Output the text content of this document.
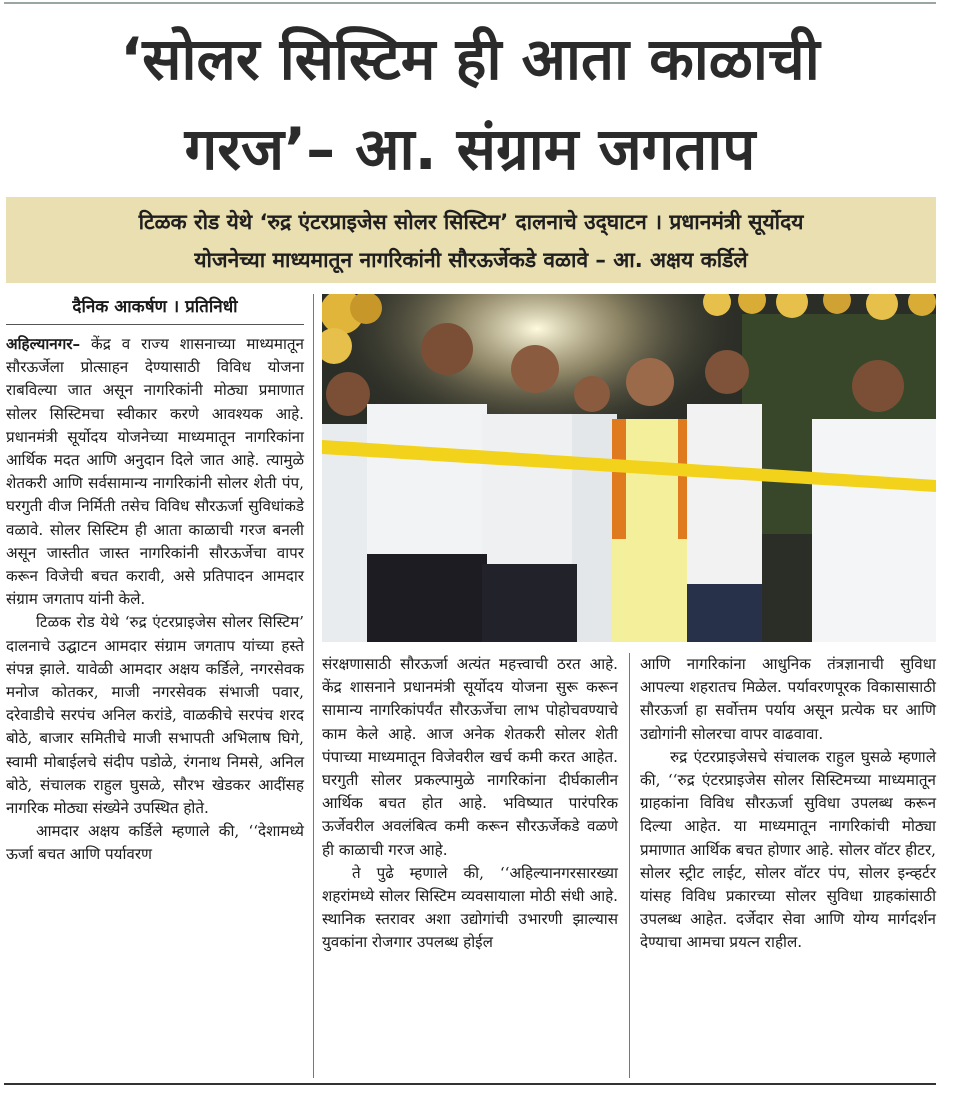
‘सोलर सिस्टिम ही आता काळाची
गरज’– आ. संग्राम जगताप
टिळक रोड येथे ‘रुद्र एंटरप्राइजेस सोलर सिस्टिम’ दालनाचे उद्‌घाटन । प्रधानमंत्री सूर्योदय
योजनेच्या माध्यमातून नागरिकांनी सौरऊर्जेकडे वळावे – आ. अक्षय कर्डिले
दैनिक आकर्षण । प्रतिनिधी

अहिल्यानगर– केंद्र व राज्य शासनाच्या माध्यमातून सौरऊर्जेला प्रोत्साहन देण्यासाठी विविध योजना राबविल्या जात असून नागरिकांनी मोठ्या प्रमाणात सोलर सिस्टिमचा स्वीकार करणे आवश्यक आहे. प्रधानमंत्री सूर्योदय योजनेच्या माध्यमातून नागरिकांना आर्थिक मदत आणि अनुदान दिले जात आहे. त्यामुळे शेतकरी आणि सर्वसामान्य नागरिकांनी सोलर शेती पंप, घरगुती वीज निर्मिती तसेच विविध सौरऊर्जा सुविधांकडे वळावे. सोलर सिस्टिम ही आता काळाची गरज बनली असून जास्तीत जास्त नागरिकांनी सौरऊर्जेचा वापर करून विजेची बचत करावी, असे प्रतिपादन आमदार संग्राम जगताप यांनी केले.

टिळक रोड येथे ‘रुद्र एंटरप्राइजेस सोलर सिस्टिम’ दालनाचे उद्घाटन आमदार संग्राम जगताप यांच्या हस्ते संपन्न झाले. यावेळी आमदार अक्षय कर्डिले, नगरसेवक मनोज कोतकर, माजी नगरसेवक संभाजी पवार, दरेवाडीचे सरपंच अनिल करांडे, वाळकीचे सरपंच शरद बोठे, बाजार समितीचे माजी सभापती अभिलाष घिगे, स्वामी मोबाईलचे संदीप पडोळे, रंगनाथ निमसे, अनिल बोठे, संचालक राहुल घुसळे, सौरभ खेडकर आदींसह नागरिक मोठ्या संख्येने उपस्थित होते.

आमदार अक्षय कर्डिले म्हणाले की, ‘‘देशामध्ये ऊर्जा बचत आणि पर्यावरण

संरक्षणासाठी सौरऊर्जा अत्यंत महत्त्वाची ठरत आहे. केंद्र शासनाने प्रधानमंत्री सूर्योदय योजना सुरू करून सामान्य नागरिकांपर्यंत सौरऊर्जेचा लाभ पोहोचवण्याचे काम केले आहे. आज अनेक शेतकरी सोलर शेती पंपाच्या माध्यमातून विजेवरील खर्च कमी करत आहेत. घरगुती सोलर प्रकल्पामुळे नागरिकांना दीर्घकालीन आर्थिक बचत होत आहे. भविष्यात पारंपरिक ऊर्जेवरील अवलंबित्व कमी करून सौरऊर्जेकडे वळणे ही काळाची गरज आहे.

ते पुढे म्हणाले की, ‘‘अहिल्यानगरसारख्या शहरांमध्ये सोलर सिस्टिम व्यवसायाला मोठी संधी आहे. स्थानिक स्तरावर अशा उद्योगांची उभारणी झाल्यास युवकांना रोजगार उपलब्ध होईल

आणि नागरिकांना आधुनिक तंत्रज्ञानाची सुविधा आपल्या शहरातच मिळेल. पर्यावरणपूरक विकासासाठी सौरऊर्जा हा सर्वोत्तम पर्याय असून प्रत्येक घर आणि उद्योगांनी सोलरचा वापर वाढवावा.

रुद्र एंटरप्राइजेसचे संचालक राहुल घुसळे म्हणाले की, ‘‘रुद्र एंटरप्राइजेस सोलर सिस्टिमच्या माध्यमातून ग्राहकांना विविध सौरऊर्जा सुविधा उपलब्ध करून दिल्या आहेत. या माध्यमातून नागरिकांची मोठ्या प्रमाणात आर्थिक बचत होणार आहे. सोलर वॉटर हीटर, सोलर स्ट्रीट लाईट, सोलर वॉटर पंप, सोलर इन्व्हर्टर यांसह विविध प्रकारच्या सोलर सुविधा ग्राहकांसाठी उपलब्ध आहेत. दर्जेदार सेवा आणि योग्य मार्गदर्शन देण्याचा आमचा प्रयत्न राहील.
